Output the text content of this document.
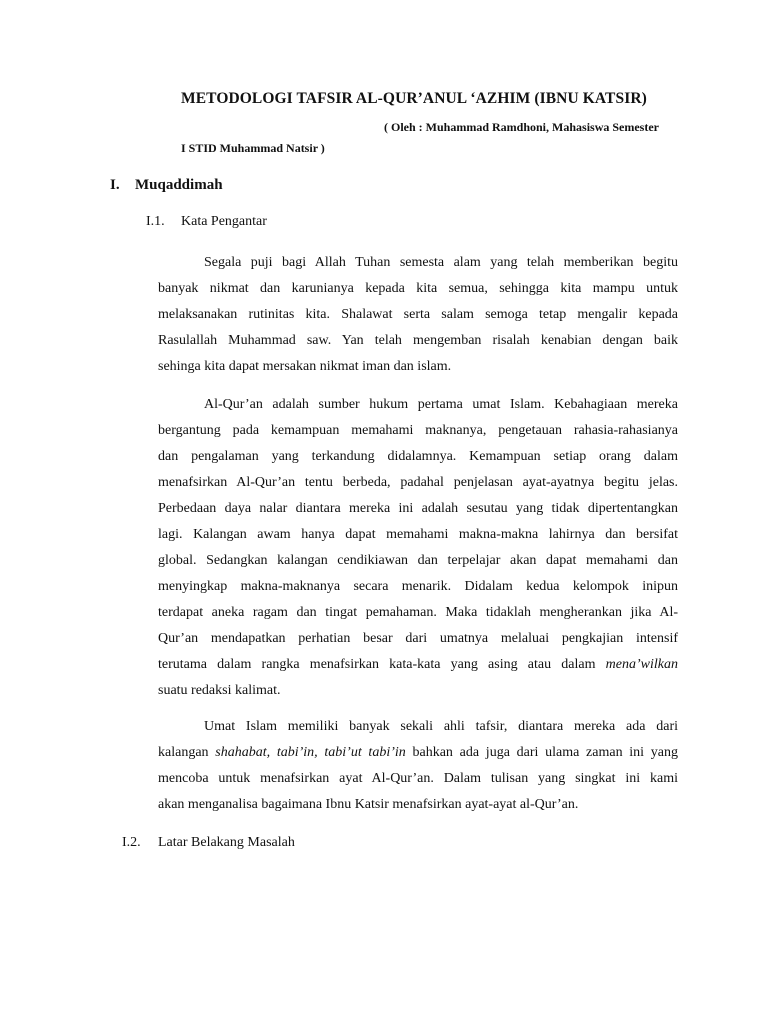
METODOLOGI TAFSIR AL-QUR’ANUL ‘AZHIM (IBNU KATSIR)
( Oleh : Muhammad Ramdhoni, Mahasiswa Semester
I STID Muhammad Natsir )
I. Muqaddimah
I.1. Kata Pengantar
Segala puji bagi Allah Tuhan semesta alam yang telah memberikan begitu
banyak nikmat dan karunianya kepada kita semua, sehingga kita mampu untuk
melaksanakan rutinitas kita. Shalawat serta salam semoga tetap mengalir kepada
Rasulallah Muhammad saw. Yan telah mengemban risalah kenabian dengan baik
sehinga kita dapat mersakan nikmat iman dan islam.
Al-Qur’an adalah sumber hukum pertama umat Islam. Kebahagiaan mereka
bergantung pada kemampuan memahami maknanya, pengetauan rahasia-rahasianya
dan pengalaman yang terkandung didalamnya. Kemampuan setiap orang dalam
menafsirkan Al-Qur’an tentu berbeda, padahal penjelasan ayat-ayatnya begitu jelas.
Perbedaan daya nalar diantara mereka ini adalah sesutau yang tidak dipertentangkan
lagi. Kalangan awam hanya dapat memahami makna-makna lahirnya dan bersifat
global. Sedangkan kalangan cendikiawan dan terpelajar akan dapat memahami dan
menyingkap makna-maknanya secara menarik. Didalam kedua kelompok inipun
terdapat aneka ragam dan tingat pemahaman. Maka tidaklah mengherankan jika Al-
Qur’an mendapatkan perhatian besar dari umatnya melaluai pengkajian intensif
terutama dalam rangka menafsirkan kata-kata yang asing atau dalam mena’wilkan
suatu redaksi kalimat.
Umat Islam memiliki banyak sekali ahli tafsir, diantara mereka ada dari
kalangan shahabat, tabi’in, tabi’ut tabi’in bahkan ada juga dari ulama zaman ini yang
mencoba untuk menafsirkan ayat Al-Qur’an. Dalam tulisan yang singkat ini kami
akan menganalisa bagaimana Ibnu Katsir menafsirkan ayat-ayat al-Qur’an.
I.2. Latar Belakang Masalah
